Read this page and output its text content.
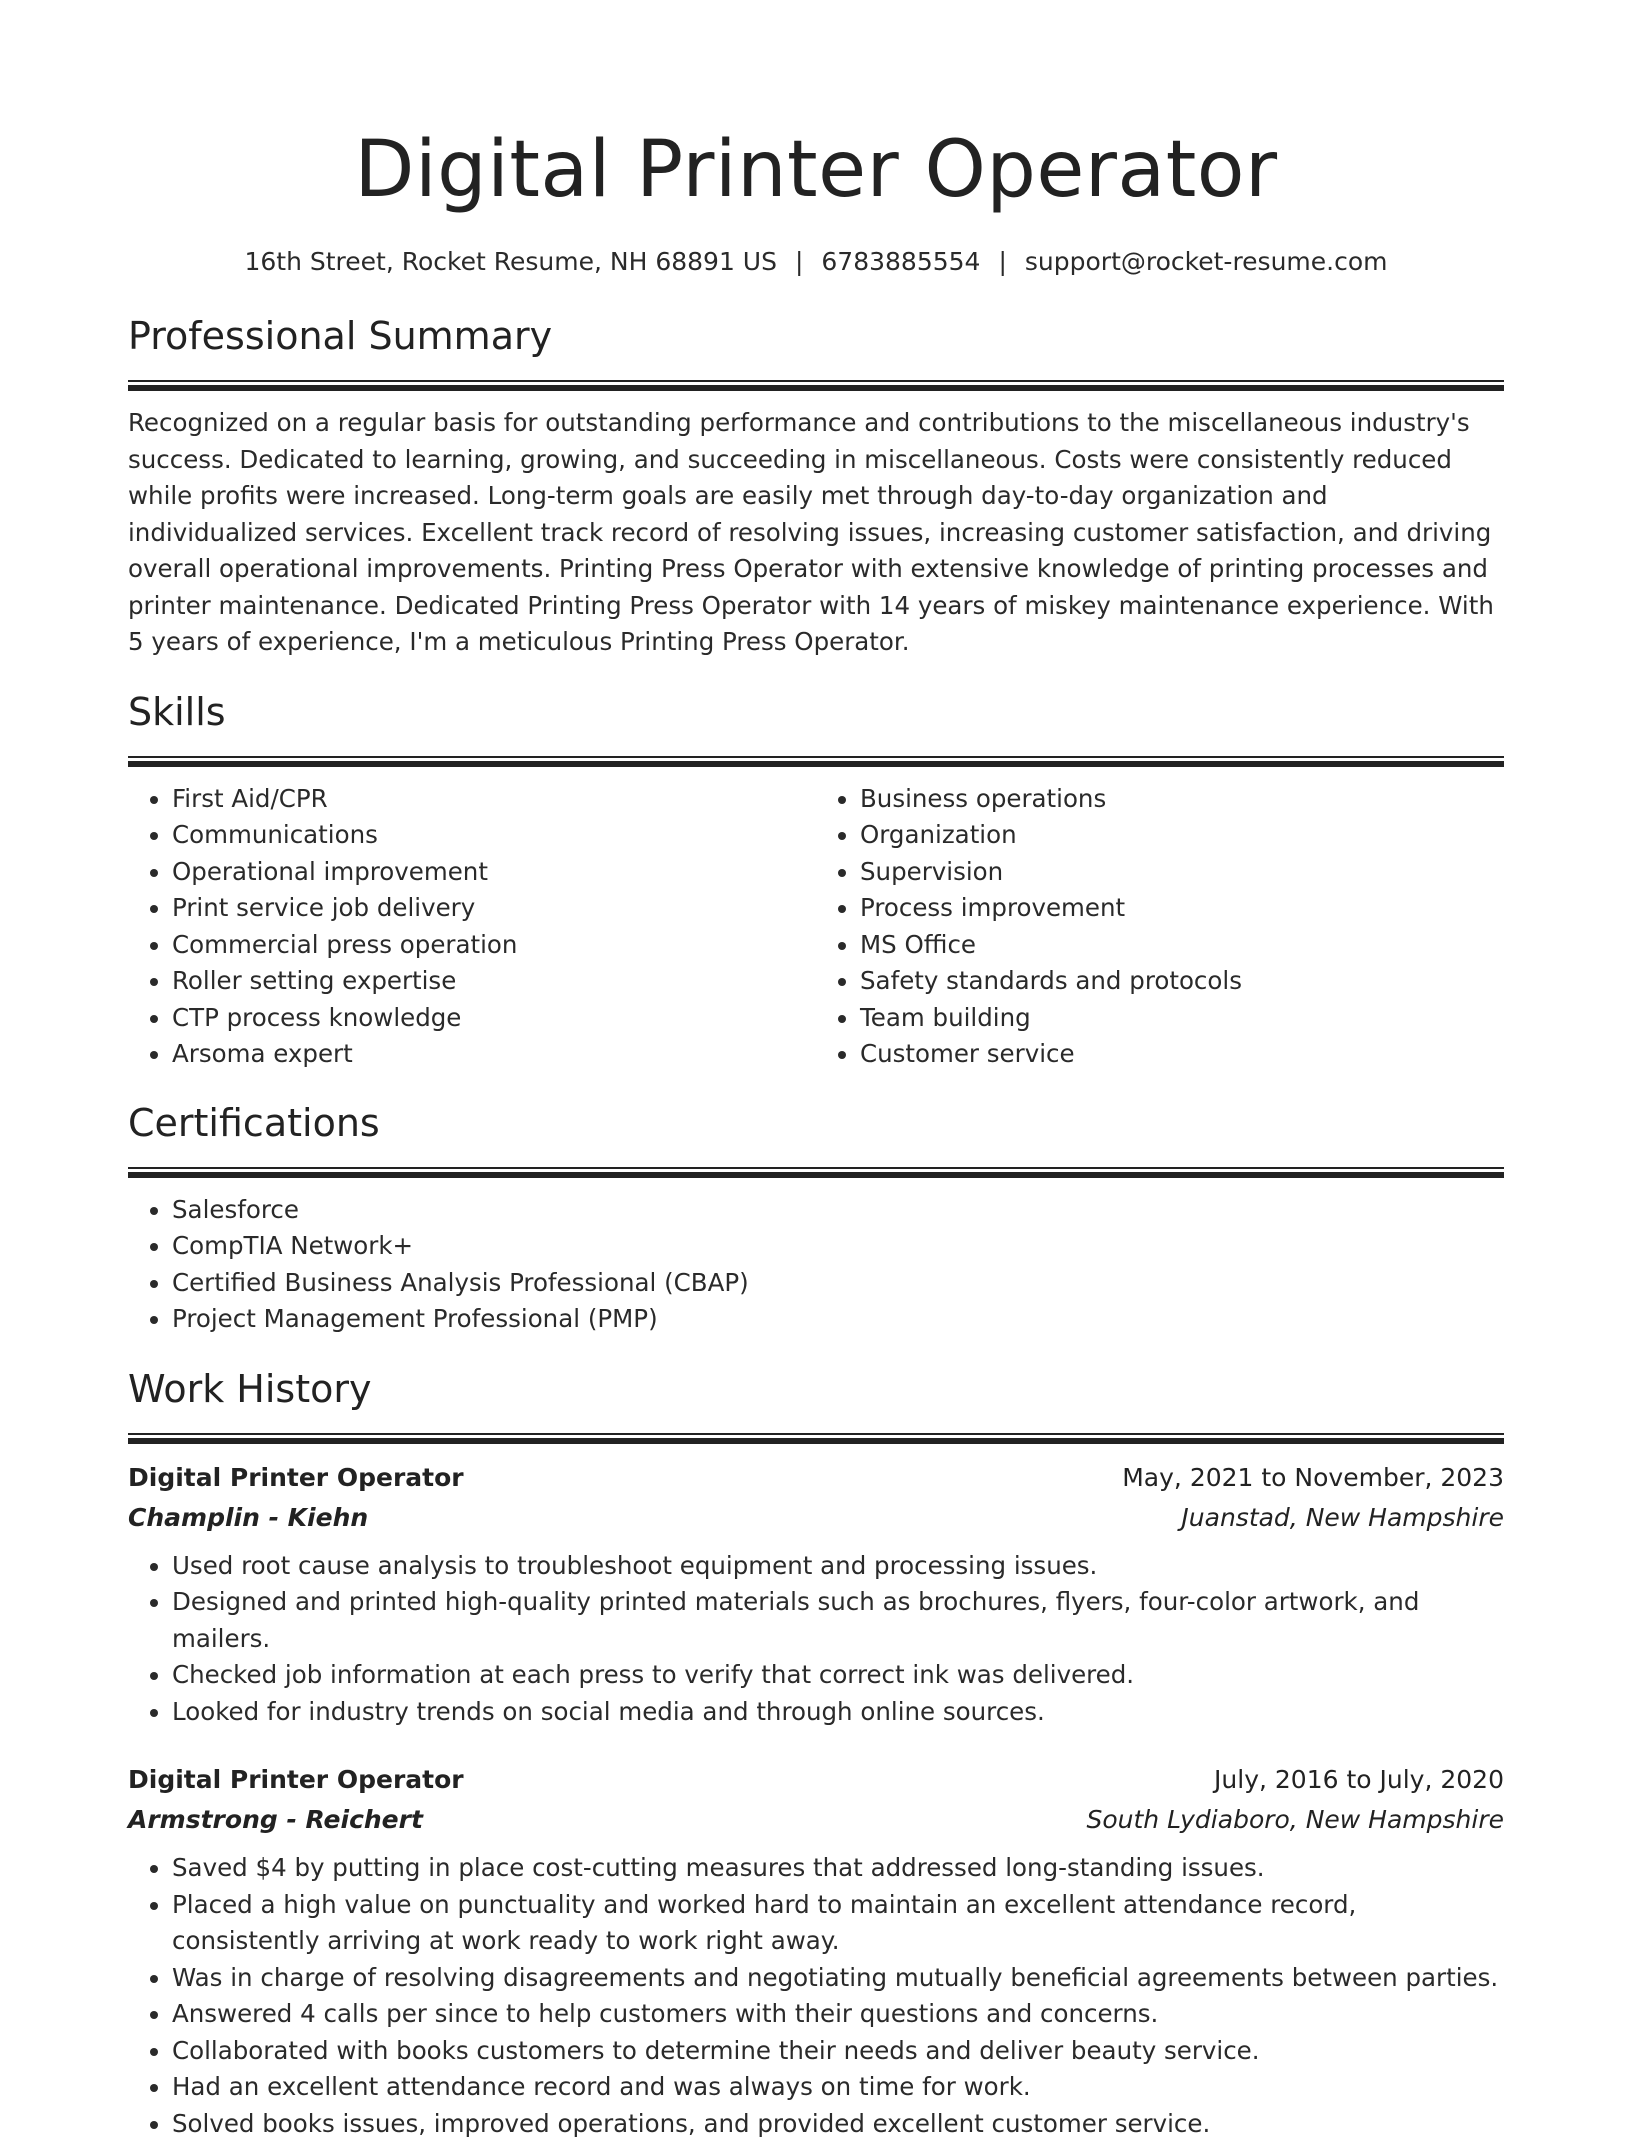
Digital Printer Operator
16th Street, Rocket Resume, NH 68891 US | 6783885554 | support@rocket-resume.com
Professional Summary

Recognized on a regular basis for outstanding performance and contributions to the miscellaneous industry's success. Dedicated to learning, growing, and succeeding in miscellaneous. Costs were consistently reduced while profits were increased. Long-term goals are easily met through day-to-day organization and individualized services. Excellent track record of resolving issues, increasing customer satisfaction, and driving overall operational improvements. Printing Press Operator with extensive knowledge of printing processes and printer maintenance. Dedicated Printing Press Operator with 14 years of miskey maintenance experience. With 5 years of experience, I'm a meticulous Printing Press Operator.

Skills
• First Aid/CPR
• Communications
• Operational improvement
• Print service job delivery
• Commercial press operation
• Roller setting expertise
• CTP process knowledge
• Arsoma expert
• Business operations
• Organization
• Supervision
• Process improvement
• MS Office
• Safety standards and protocols
• Team building
• Customer service
Certifications
• Salesforce
• CompTIA Network+
• Certified Business Analysis Professional (CBAP)
• Project Management Professional (PMP)
Work History
Digital Printer Operator	May, 2021 to November, 2023
Champlin - Kiehn	Juanstad, New Hampshire
• Used root cause analysis to troubleshoot equipment and processing issues.
• Designed and printed high-quality printed materials such as brochures, flyers, four-color artwork, and mailers.
• Checked job information at each press to verify that correct ink was delivered.
• Looked for industry trends on social media and through online sources.
Digital Printer Operator	July, 2016 to July, 2020
Armstrong - Reichert	South Lydiaboro, New Hampshire
• Saved $4 by putting in place cost-cutting measures that addressed long-standing issues.
• Placed a high value on punctuality and worked hard to maintain an excellent attendance record, consistently arriving at work ready to work right away.
• Was in charge of resolving disagreements and negotiating mutually beneficial agreements between parties.
• Answered 4 calls per since to help customers with their questions and concerns.
• Collaborated with books customers to determine their needs and deliver beauty service.
• Had an excellent attendance record and was always on time for work.
• Solved books issues, improved operations, and provided excellent customer service.
